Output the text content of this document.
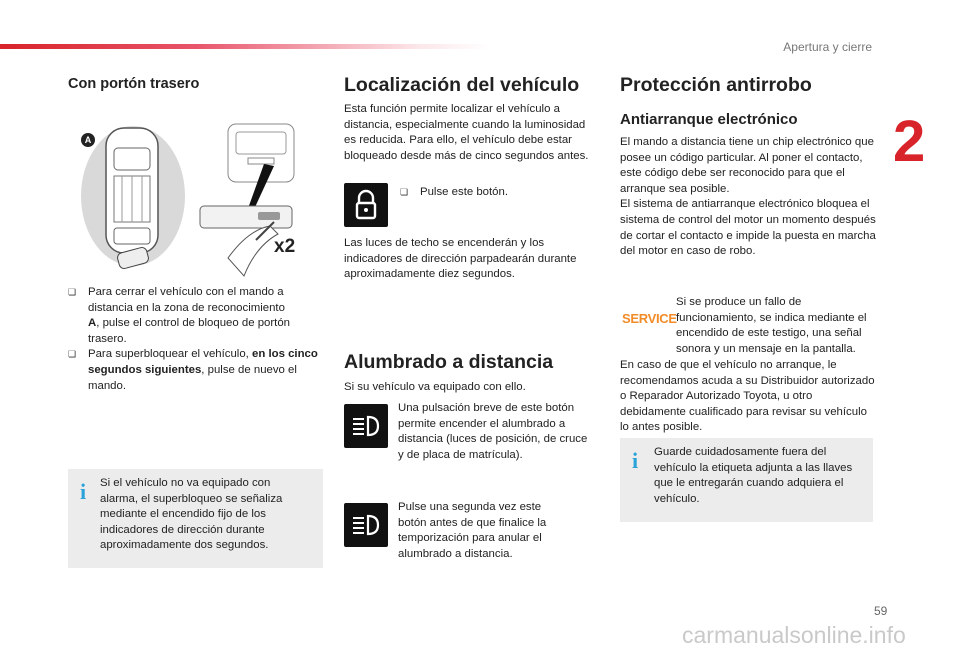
Apertura y cierre
2
Con portón trasero
A
x2
❏ Para cerrar el vehículo con el mando a distancia en la zona de reconocimiento
A, pulse el control de bloqueo de portón trasero.
❏ Para superbloquear el vehículo, en los cinco segundos siguientes, pulse de nuevo el mando.
i Si el vehículo no va equipado con alarma, el superbloqueo se señaliza mediante el encendido fijo de los indicadores de dirección durante aproximadamente dos segundos.
Localización del vehículo
Esta función permite localizar el vehículo a distancia, especialmente cuando la luminosidad es reducida. Para ello, el vehículo debe estar bloqueado desde más de cinco segundos antes.
❏ Pulse este botón.
Las luces de techo se encenderán y los indicadores de dirección parpadearán durante aproximadamente diez segundos.
Alumbrado a distancia
Si su vehículo va equipado con ello.
Una pulsación breve de este botón permite encender el alumbrado a distancia (luces de posición, de cruce y de placa de matrícula).
Pulse una segunda vez este botón antes de que finalice la temporización para anular el alumbrado a distancia.
Protección antirrobo
Antiarranque electrónico
El mando a distancia tiene un chip electrónico que posee un código particular. Al poner el contacto, este código debe ser reconocido para que el arranque sea posible.
El sistema de antiarranque electrónico bloquea el sistema de control del motor un momento después de cortar el contacto e impide la puesta en marcha del motor en caso de robo.
SERVICE
Si se produce un fallo de funcionamiento, se indica mediante el encendido de este testigo, una señal sonora y un mensaje en la pantalla.
En caso de que el vehículo no arranque, le recomendamos acuda a su Distribuidor autorizado o Reparador Autorizado Toyota, u otro debidamente cualificado para revisar su vehículo lo antes posible.
i Guarde cuidadosamente fuera del vehículo la etiqueta adjunta a las llaves que le entregarán cuando adquiera el vehículo.
59
carmanualsonline.info
